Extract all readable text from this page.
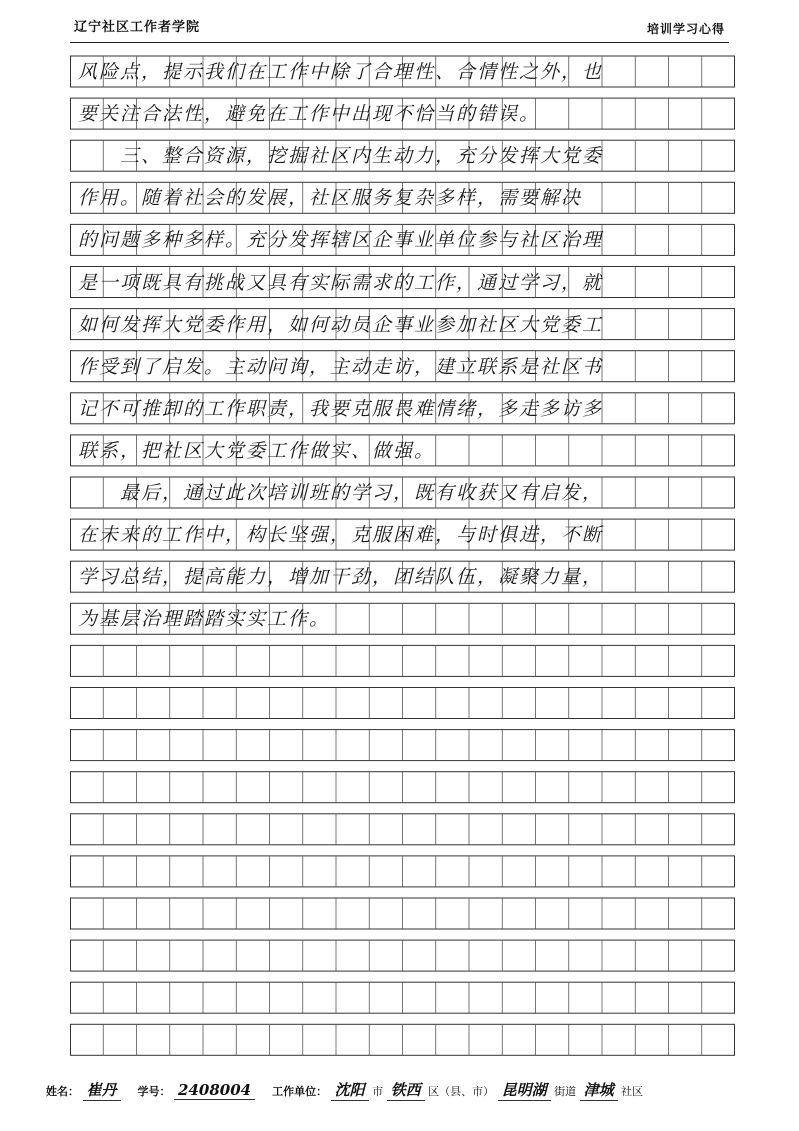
辽宁社区工作者学院	培训学习心得
风险点，提示我们在工作中除了合理性、合情性之外，也
要关注合法性，避免在工作中出现不恰当的错误。
　　三、整合资源，挖掘社区内生动力，充分发挥大党委
作用。随着社会的发展，社区服务复杂多样，需要解决
的问题多种多样。充分发挥辖区企事业单位参与社区治理
是一项既具有挑战又具有实际需求的工作，通过学习，就
如何发挥大党委作用，如何动员企事业参加社区大党委工
作受到了启发。主动问询，主动走访，建立联系是社区书
记不可推卸的工作职责，我要克服畏难情绪，多走多访多
联系，把社区大党委工作做实、做强。
　　最后，通过此次培训班的学习，既有收获又有启发，
在未来的工作中，构长坚强，克服困难，与时俱进，不断
学习总结，提高能力，增加干劲，团结队伍，凝聚力量，
为基层治理踏踏实实工作。
姓名： 崔丹 学号： 2408004 工作单位： 沈阳 市 铁西 区（县、市） 昆明湖 街道 津城 社区
